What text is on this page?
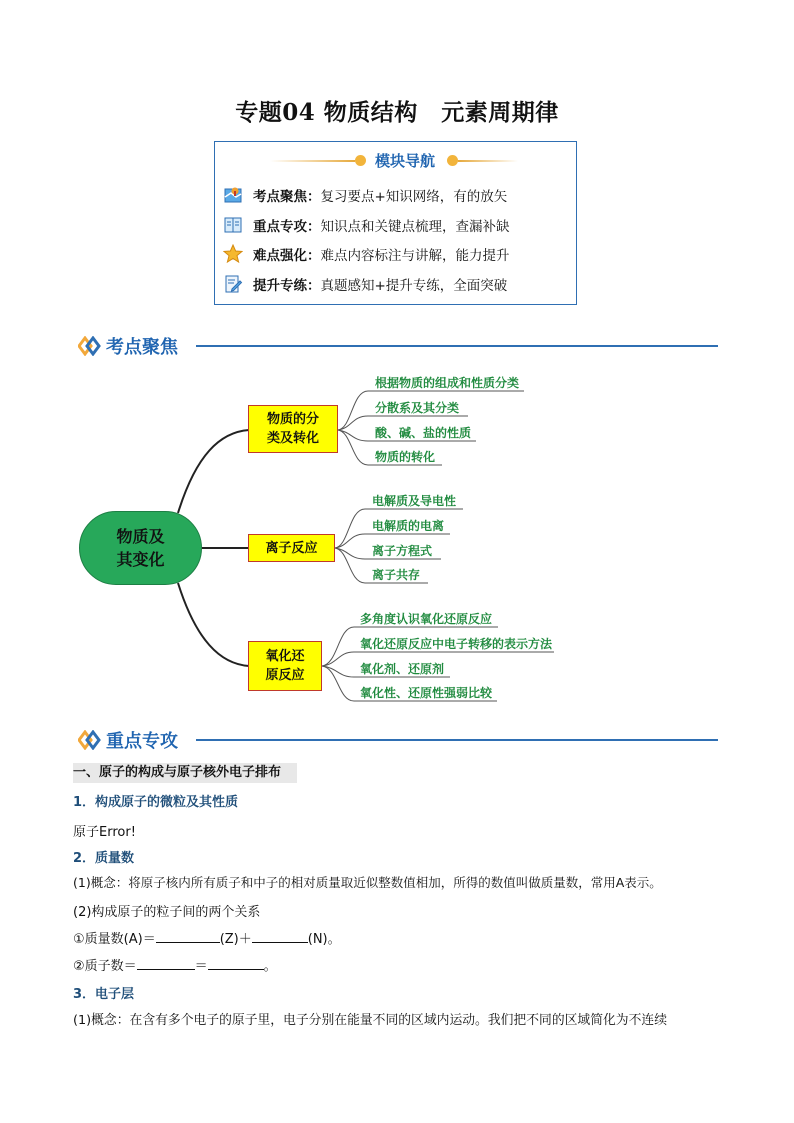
专题04 物质结构　元素周期律
模块导航
考点聚焦： 复习要点+知识网络，有的放矢
重点专攻： 知识点和关键点梳理，查漏补缺
难点强化： 难点内容标注与讲解，能力提升
提升专练： 真题感知+提升专练，全面突破
考点聚焦
物质及
其变化
物质的分
类及转化
离子反应
氧化还
原反应
根据物质的组成和性质分类
分散系及其分类
酸、碱、盐的性质
物质的转化
电解质及导电性
电解质的电离
离子方程式
离子共存
多角度认识氧化还原反应
氧化还原反应中电子转移的表示方法
氧化剂、还原剂
氧化性、还原性强弱比较
重点专攻
一、原子的构成与原子核外电子排布
1．构成原子的微粒及其性质
原子Error!
2．质量数
(1)概念：将原子核内所有质子和中子的相对质量取近似整数值相加，所得的数值叫做质量数，常用A表示。
(2)构成原子的粒子间的两个关系
①质量数(A)＝	(Z)＋	(N)。
②质子数＝	＝	。
3．电子层
(1)概念：在含有多个电子的原子里，电子分别在能量不同的区域内运动。我们把不同的区域简化为不连续
